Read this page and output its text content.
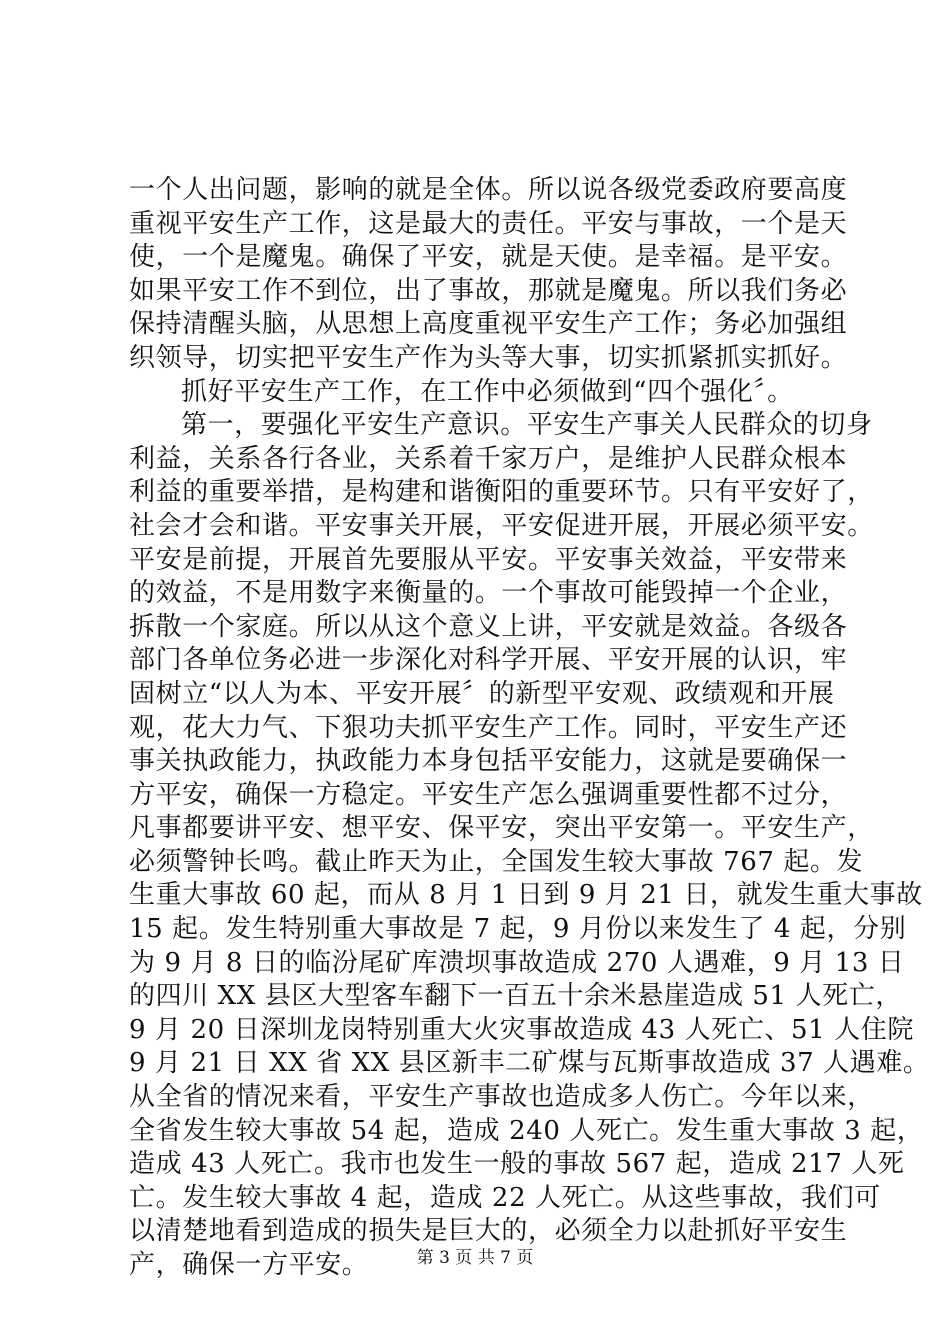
一个人出问题，影响的就是全体。所以说各级党委政府要高度
重视平安生产工作，这是最大的责任。平安与事故，一个是天
使，一个是魔鬼。确保了平安，就是天使。是幸福。是平安。
如果平安工作不到位，出了事故，那就是魔鬼。所以我们务必
保持清醒头脑，从思想上高度重视平安生产工作；务必加强组
织领导，切实把平安生产作为头等大事，切实抓紧抓实抓好。
抓好平安生产工作，在工作中必须做到“四个强化〞。
第一，要强化平安生产意识。平安生产事关人民群众的切身
利益，关系各行各业，关系着千家万户，是维护人民群众根本
利益的重要举措，是构建和谐衡阳的重要环节。只有平安好了，
社会才会和谐。平安事关开展，平安促进开展，开展必须平安。
平安是前提，开展首先要服从平安。平安事关效益，平安带来
的效益，不是用数字来衡量的。一个事故可能毁掉一个企业，
拆散一个家庭。所以从这个意义上讲，平安就是效益。各级各
部门各单位务必进一步深化对科学开展、平安开展的认识，牢
固树立“以人为本、平安开展〞的新型平安观、政绩观和开展
观，花大力气、下狠功夫抓平安生产工作。同时，平安生产还
事关执政能力，执政能力本身包括平安能力，这就是要确保一
方平安，确保一方稳定。平安生产怎么强调重要性都不过分，
凡事都要讲平安、想平安、保平安，突出平安第一。平安生产，
必须警钟长鸣。截止昨天为止，全国发生较大事故 767 起。发
生重大事故 60 起，而从 8 月 1 日到 9 月 21 日，就发生重大事故
15 起。发生特别重大事故是 7 起，9 月份以来发生了 4 起，分别
为 9 月 8 日的临汾尾矿库溃坝事故造成 270 人遇难，9 月 13 日
的四川 XX 县区大型客车翻下一百五十余米悬崖造成 51 人死亡，
9 月 20 日深圳龙岗特别重大火灾事故造成 43 人死亡、51 人住院
9 月 21 日 XX 省 XX 县区新丰二矿煤与瓦斯事故造成 37 人遇难。
从全省的情况来看，平安生产事故也造成多人伤亡。今年以来，
全省发生较大事故 54 起，造成 240 人死亡。发生重大事故 3 起，
造成 43 人死亡。我市也发生一般的事故 567 起，造成 217 人死
亡。发生较大事故 4 起，造成 22 人死亡。从这些事故，我们可
以清楚地看到造成的损失是巨大的，必须全力以赴抓好平安生
产，确保一方平安。	第 3 页 共 7 页
